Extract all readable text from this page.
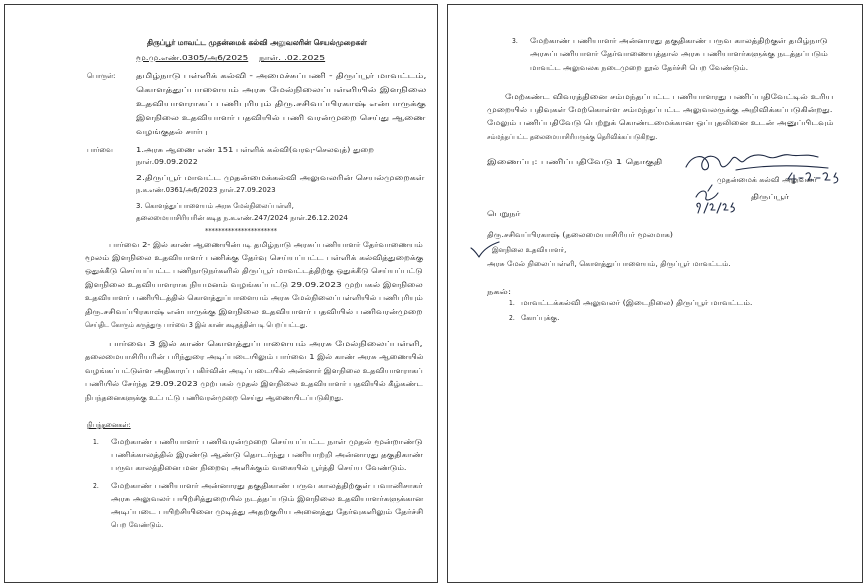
திருப்பூர் மாவட்ட முதன்மைக் கல்வி அலுவலரின் செயல்முறைகள்
மூ.மு.எண்.0305/அ6/2025 நாள். .02.2025
பொருள்:	தமிழ்நாடு பள்ளிக் கல்வி - அமைச்சுப்பணி - திருப்பூர் மாவட்டம்,
கொளத்துப்பாளையம் அரசு மேல்நிலைப்பள்ளியில் இளநிலை
உதவியாளராகப் பணிபுரியும் திரு.சசிவப்பிரகாஷ் என்பாருக்கு
இளநிலை உதவியாளர் பதவியில் பணி வரன்முறை செய்து ஆணை
வழங்குதல் சார்பு
பார்வை	1.அரசு ஆணை எண் 151 பள்ளிக் கல்வி(வரவு-செலவுத்) துறை
நாள்.09.09.2022
2.திருப்பூர் மாவட்ட முதன்மைக்கல்வி அலுவலரின் செயல்முறைகள்
ந.க.எண்.0361/அ6/2023 நாள்.27.09.2023
3. கொளத்துப்பாளையம் அரசு மேல்நிலைப்பள்ளி,
தலைமையாசிரியரின் கடித ந.க.எண்.247/2024 நாள்.26.12.2024
**********************
பார்வை 2- இல் காண் ஆணையின்படி தமிழ்நாடு அரசுப்பணியாளர் தேர்வாணையம்
மூலம் இளநிலை உதவியாளர் பணிக்கு தேர்வு செய்யப்பட்ட பள்ளிக் கல்வித்துறைக்கு
ஒதுக்கீடு செய்யப்பட்ட பணிநாடுநர்களில் திருப்பூர் மாவட்டத்திற்கு ஒதுக்கீடு செய்யப்பட்டு
இளநிலை உதவியாளராக நியமனம் வழங்கப்பட்டு 29.09.2023 முற்பகல் இளநிலை
உதவியாளர் பணியிடத்தில் கொளத்துப்பாளையம் அரசு மேல்நிலைப்பள்ளியில் பணிபுரியும்
திரு.சசிவப்பிரகாஷ் என்பாருக்கு இளநிலை உதவியாளர் பதவியில் பணிவரன்முறை
செய்திட கோரும் கருத்துரு பார்வை 3 இல் காண் கடிதத்தின்படி பெறப்பட்டது.
பார்வை 3 இல் காண் கொளத்துப்பாளையம் அரசு மேல்நிலைப்பள்ளி,
தலைமையாசிரியரின் பரிந்துரை அடிப்படையிலும் பார்வை 1 இல் காண் அரசு ஆணையில்
வழங்கப்பட்டுள்ள அதிகாரப் பகிர்வின் அடிப்படையில் அன்னார் இளநிலை உதவியாளராகப்
பணியில் சேர்ந்த 29.09.2023 முற்பகல் முதல் இளநிலை உதவியாளர் பதவியில் கீழ்கண்ட
நிபந்தனைகளுக்கு உட்பட்டு பணிவரன்முறை செய்து ஆணையிடப்படுகிறது.
நிபந்தனைகள்:
1. மேற்காண் பணியாளர் பணிவரன்முறை செய்யப்பட்ட நாள் முதல் மூன்றாண்டு
பணிக்காலத்தில் இரண்டு ஆண்டு தொடர்ந்து பணியாற்றி அன்னாரது தகுதிகாண்
பருவ காலத்தினை மன நிறைவு அளிக்கும் வகையில் பூர்த்தி செய்ய வேண்டும்.
2. மேற்காண் பணியாளர் அன்னாரது தகுதிகாண் பருவ காலத்திற்குள் பவானிசாகர்
அரசு அலுவலர் பயிற்சித்துறையில் நடத்தப்படும் இளநிலை உதவியாளர்களுக்கான
அடிப்படை பயிற்சியினை முடித்து அதற்குரிய அனைத்து தேர்வுகளிலும் தேர்ச்சி
பெற வேண்டும்.
3. மேற்காண் பணியாளர் அன்னாரது தகுதிகாண் பருவ காலத்திற்குள் தமிழ்நாடு
அரசுப்பணியாளர் தேர்வாணையத்தால் அரசு பணியாளர்களுக்கு நடத்தப்படும்
மாவட்ட அலுவலக நடைமுறை நூல் தேர்ச்சி பெற வேண்டும்.
மேற்கண்ட விவரத்தினை சம்மந்தப்பட்ட பணியாளரது பணிப்பதிவேட்டில் உரிய
முறையில் பதிவுகள் மேற்கொள்ள சம்மந்தப்பட்ட அலுவலருக்கு அறிவிக்கப்படுகின்றது.
மேலும் பணிப்பதிவேடு பெற்றுக் கொண்டமைக்கான ஒப்புதலினை உடன் அனுப்பிடவும்
சம்மந்தப்பட்ட தலைமையாசிரியருக்கு தெரிவிக்கப்படுகிறது.
இணைப்பு: பணிப்பதிவேடு 1 தொகுதி
முதன்மைக் கல்வி அலுவலர்
திருப்பூர்
பெறுநர்
திரு.சசிவப்பிரகாஷ் (தலைமையாசிரியர் மூலமாக)
இளநிலை உதவியாளர்,
அரசு மேல் நிலைப்பள்ளி, கொளத்துப்பாளையம், திருப்பூர் மாவட்டம்.
நகல்:
1. மாவட்டக்கல்வி அலுவலர் (இடைநிலை) திருப்பூர் மாவட்டம்.
2. கோப்புக்கு.
